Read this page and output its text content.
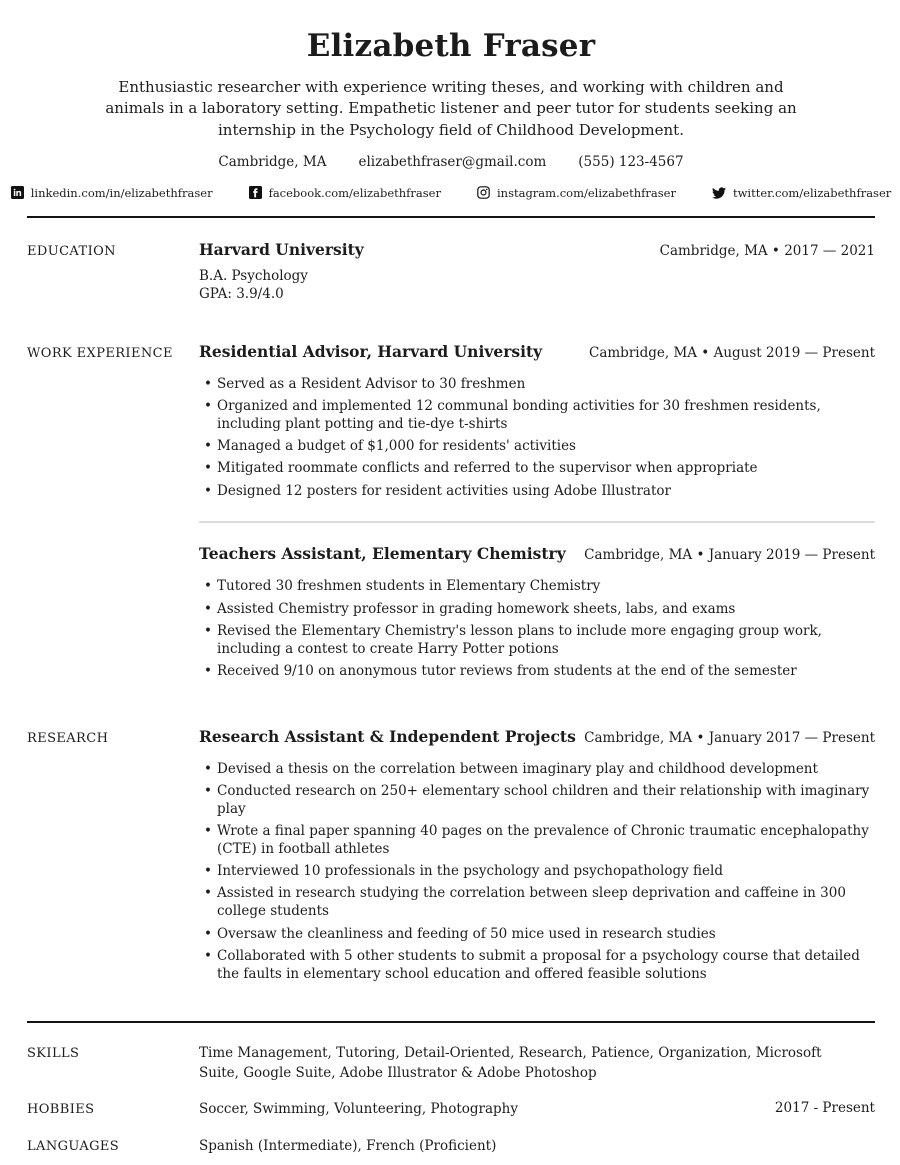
Elizabeth Fraser
Enthusiastic researcher with experience writing theses, and working with children and animals in a laboratory setting. Empathetic listener and peer tutor for students seeking an internship in the Psychology field of Childhood Development.
Cambridge, MA elizabethfraser@gmail.com (555) 123-4567
linkedin.com/in/elizabethfraser	facebook.com/elizabethfraser	instagram.com/elizabethfraser	twitter.com/elizabethfraser
EDUCATION	Harvard University	Cambridge, MA • 2017 — 2021
B.A. Psychology
GPA: 3.9/4.0
WORK EXPERIENCE	Residential Advisor, Harvard University	Cambridge, MA • August 2019 — Present
• Served as a Resident Advisor to 30 freshmen
• Organized and implemented 12 communal bonding activities for 30 freshmen residents, including plant potting and tie-dye t-shirts
• Managed a budget of $1,000 for residents' activities
• Mitigated roommate conflicts and referred to the supervisor when appropriate
• Designed 12 posters for resident activities using Adobe Illustrator
Teachers Assistant, Elementary Chemistry Cambridge, MA • January 2019 — Present
• Tutored 30 freshmen students in Elementary Chemistry
• Assisted Chemistry professor in grading homework sheets, labs, and exams
• Revised the Elementary Chemistry's lesson plans to include more engaging group work, including a contest to create Harry Potter potions
• Received 9/10 on anonymous tutor reviews from students at the end of the semester
RESEARCH	Research Assistant & Independent Projects Cambridge, MA • January 2017 — Present
• Devised a thesis on the correlation between imaginary play and childhood development
• Conducted research on 250+ elementary school children and their relationship with imaginary play
• Wrote a final paper spanning 40 pages on the prevalence of Chronic traumatic encephalopathy (CTE) in football athletes
• Interviewed 10 professionals in the psychology and psychopathology field
• Assisted in research studying the correlation between sleep deprivation and caffeine in 300 college students
• Oversaw the cleanliness and feeding of 50 mice used in research studies
• Collaborated with 5 other students to submit a proposal for a psychology course that detailed the faults in elementary school education and offered feasible solutions
SKILLS	Time Management, Tutoring, Detail-Oriented, Research, Patience, Organization, Microsoft Suite, Google Suite, Adobe Illustrator & Adobe Photoshop
HOBBIES	Soccer, Swimming, Volunteering, Photography	2017 - Present
LANGUAGES	Spanish (Intermediate), French (Proficient)
